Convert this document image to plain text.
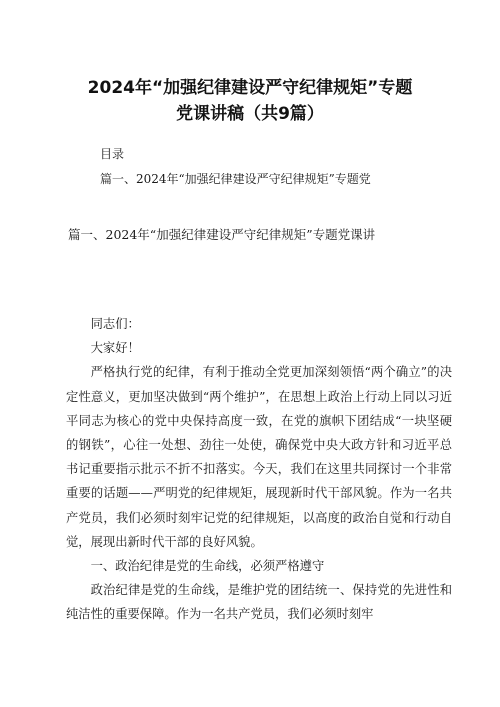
2024年“加强纪律建设严守纪律规矩”专题
党课讲稿（共9篇）
目录
篇一、2024年“加强纪律建设严守纪律规矩”专题党
篇一、2024年“加强纪律建设严守纪律规矩”专题党课讲

同志们：

大家好！

严格执行党的纪律，有利于推动全党更加深刻领悟“两个确立”的决定性意义，更加坚决做到“两个维护”，在思想上政治上行动上同以习近平同志为核心的党中央保持高度一致，在党的旗帜下团结成“一块坚硬的钢铁”，心往一处想、劲往一处使，确保党中央大政方针和习近平总书记重要指示批示不折不扣落实。今天，我们在这里共同探讨一个非常重要的话题——严明党的纪律规矩，展现新时代干部风貌。作为一名共产党员，我们必须时刻牢记党的纪律规矩，以高度的政治自觉和行动自觉，展现出新时代干部的良好风貌。

一、政治纪律是党的生命线，必须严格遵守

政治纪律是党的生命线，是维护党的团结统一、保持党的先进性和纯洁性的重要保障。作为一名共产党员，我们必须时刻牢
